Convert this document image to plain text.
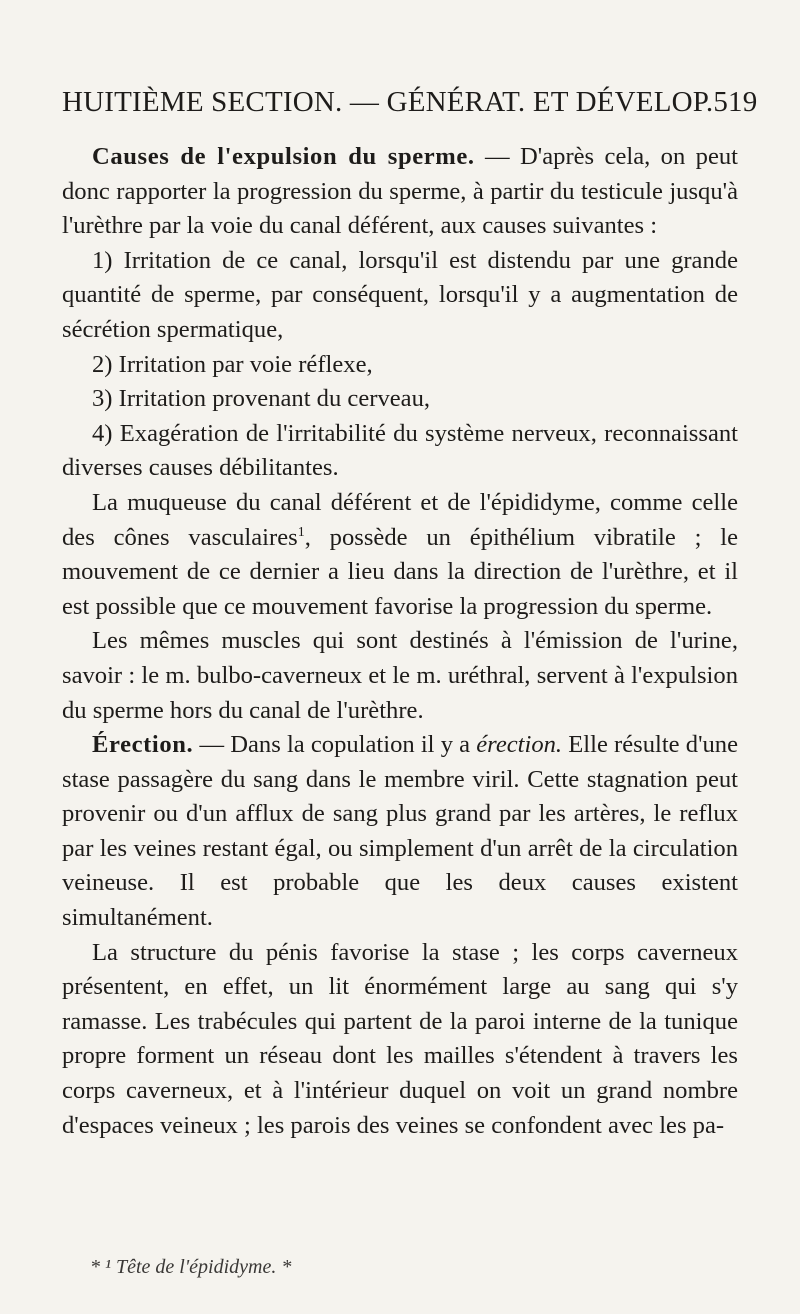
HUITIÈME SECTION. — GÉNÉRAT. ET DÉVELOP. 519

Causes de l'expulsion du sperme. — D'après cela, on peut donc rapporter la progression du sperme, à partir du testicule jusqu'à l'urèthre par la voie du canal déférent, aux causes suivantes :

1) Irritation de ce canal, lorsqu'il est distendu par une grande quantité de sperme, par conséquent, lorsqu'il y a augmentation de sécrétion spermatique,

2) Irritation par voie réflexe,

3) Irritation provenant du cerveau,

4) Exagération de l'irritabilité du système nerveux, reconnaissant diverses causes débilitantes.

La muqueuse du canal déférent et de l'épididyme, comme celle des cônes vasculaires$^1$, possède un épithélium vibratile ; le mouvement de ce dernier a lieu dans la direction de l'urèthre, et il est possible que ce mouvement favorise la progression du sperme.

Les mêmes muscles qui sont destinés à l'émission de l'urine, savoir : le m. bulbo-caverneux et le m. uréthral, servent à l'expulsion du sperme hors du canal de l'urèthre.

Érection. — Dans la copulation il y a érection. Elle résulte d'une stase passagère du sang dans le membre viril. Cette stagnation peut provenir ou d'un afflux de sang plus grand par les artères, le reflux par les veines restant égal, ou simplement d'un arrêt de la circulation veineuse. Il est probable que les deux causes existent simultanément.

La structure du pénis favorise la stase ; les corps caverneux présentent, en effet, un lit énormément large au sang qui s'y ramasse. Les trabécules qui partent de la paroi interne de la tunique propre forment un réseau dont les mailles s'étendent à travers les corps caverneux, et à l'intérieur duquel on voit un grand nombre d'espaces veineux ; les parois des veines se confondent avec les pa-

* ¹ Tête de l'épididyme. *
